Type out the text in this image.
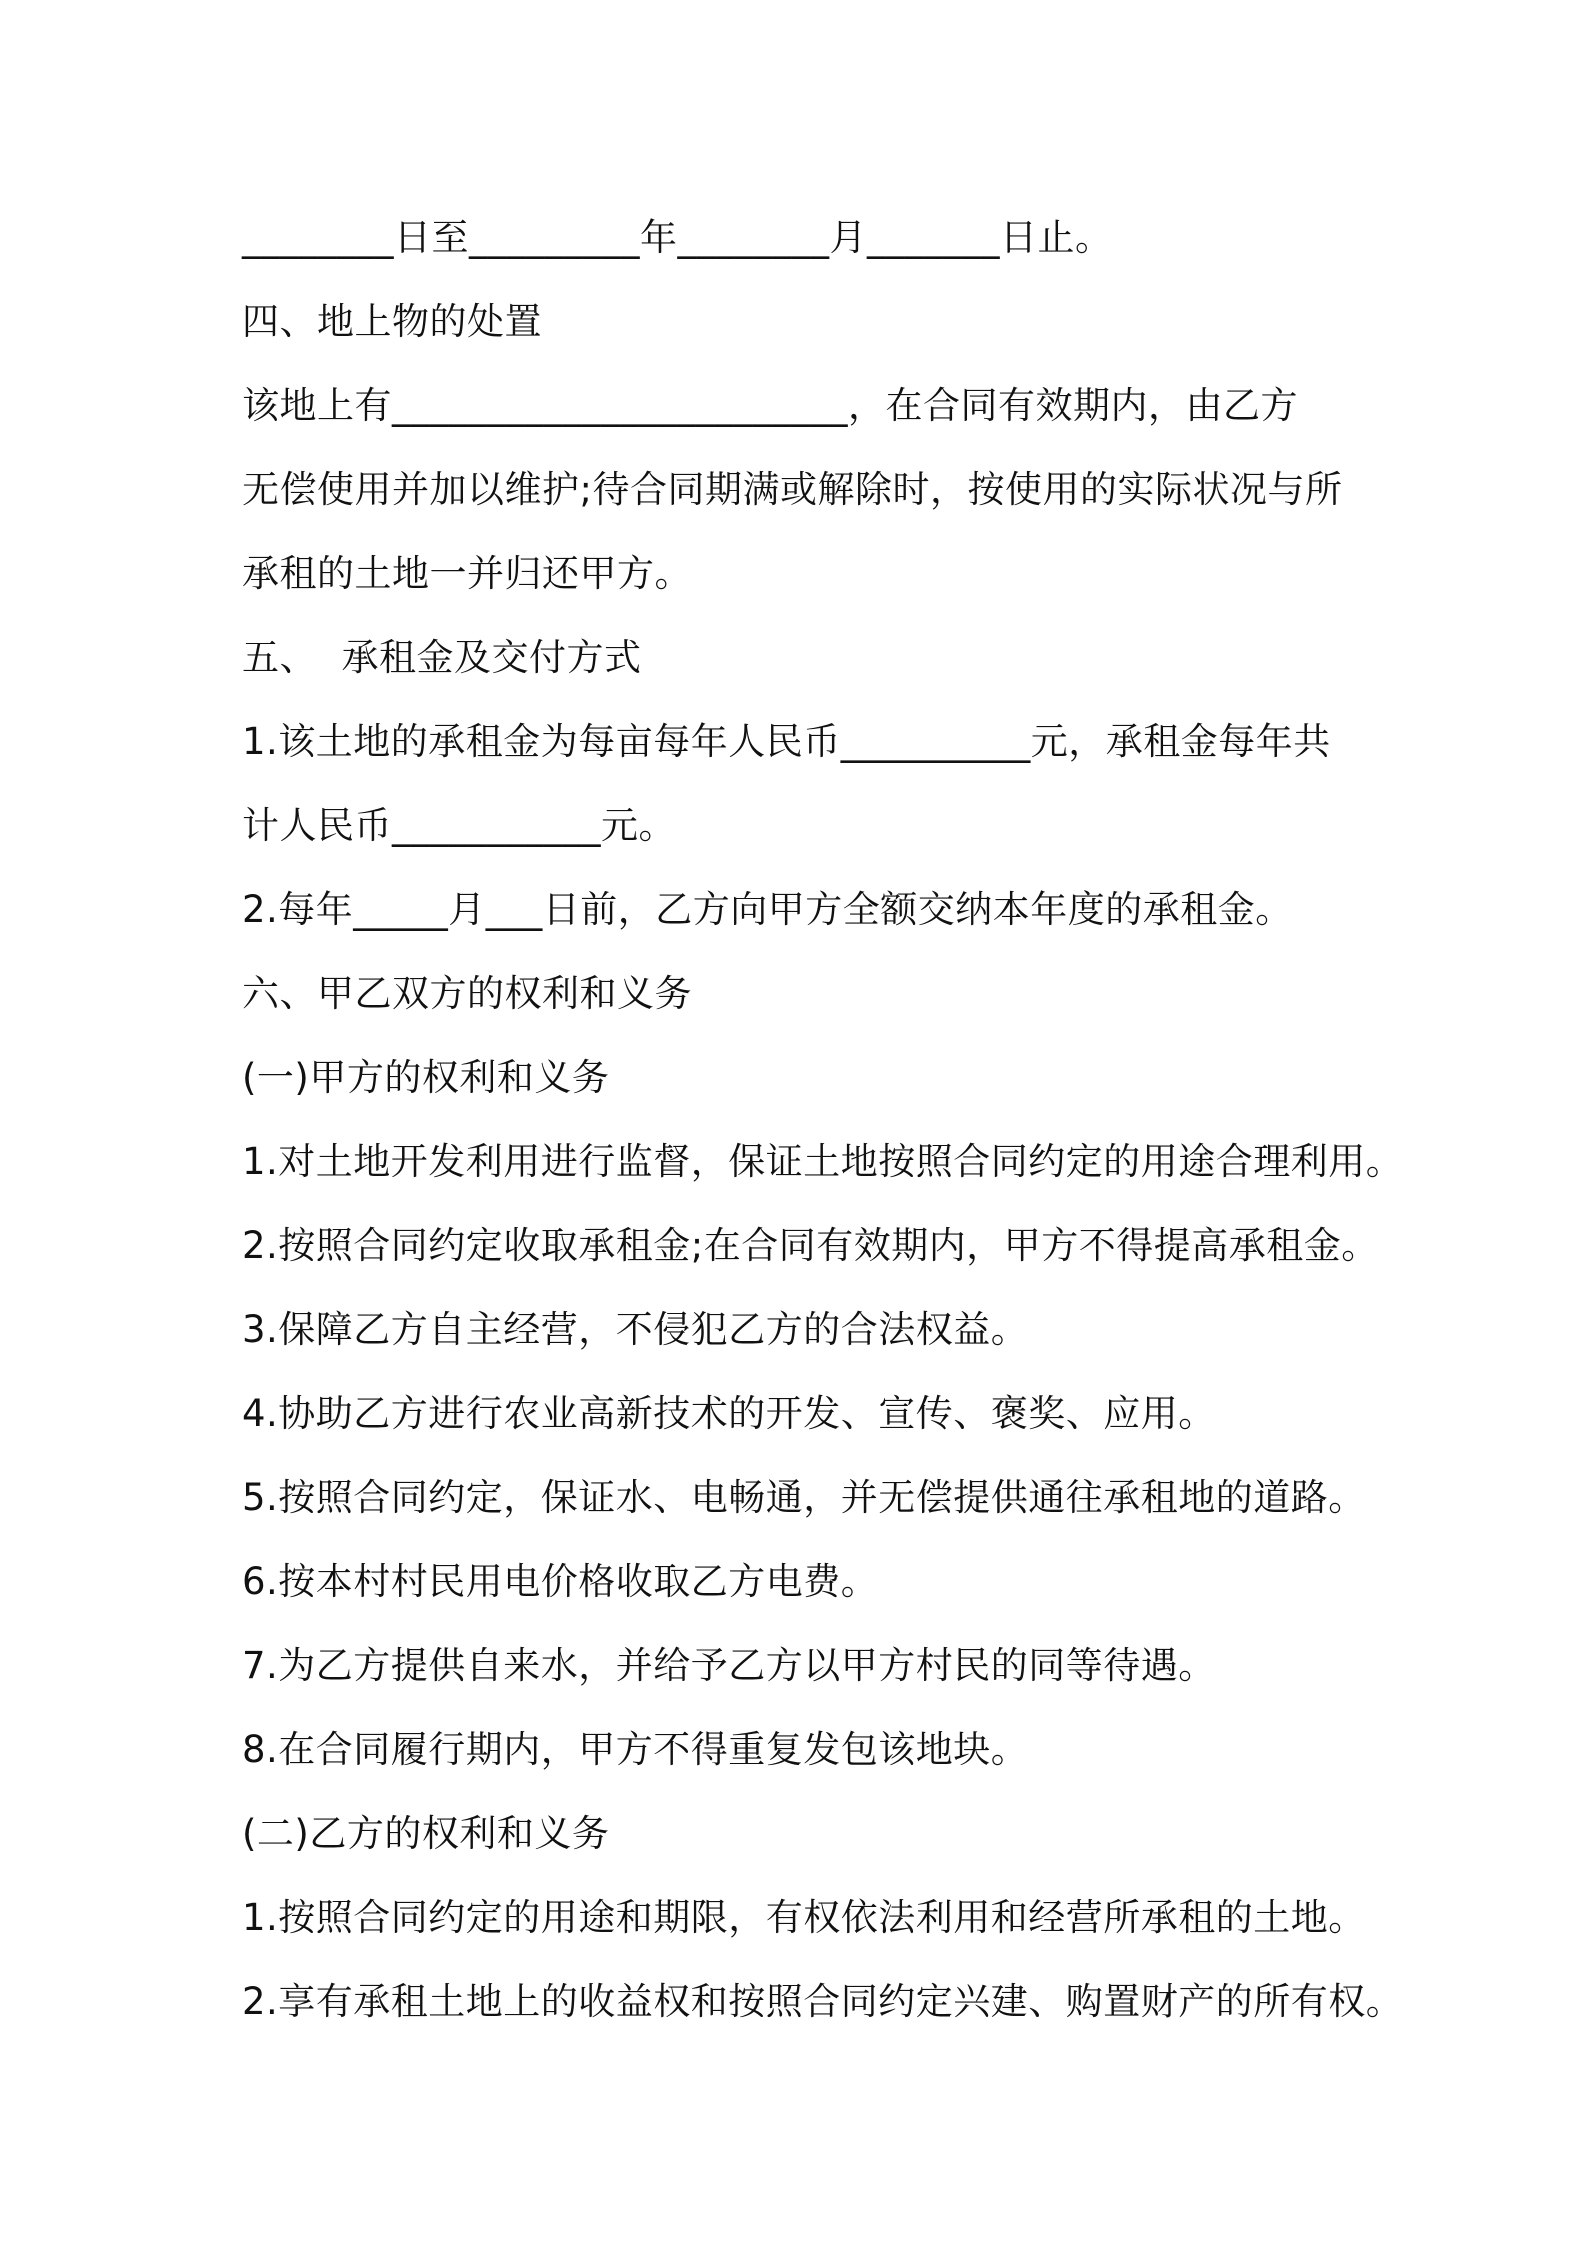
________日至_________年________月_______日止。
四、地上物的处置
该地上有________________________，在合同有效期内，由乙方
无偿使用并加以维护;待合同期满或解除时，按使用的实际状况与所
承租的土地一并归还甲方。
五、  承租金及交付方式
1.该土地的承租金为每亩每年人民币__________元，承租金每年共
计人民币___________元。
2.每年_____月___日前，乙方向甲方全额交纳本年度的承租金。
六、甲乙双方的权利和义务
(一)甲方的权利和义务
1.对土地开发利用进行监督，保证土地按照合同约定的用途合理利用。
2.按照合同约定收取承租金;在合同有效期内，甲方不得提高承租金。
3.保障乙方自主经营，不侵犯乙方的合法权益。
4.协助乙方进行农业高新技术的开发、宣传、褒奖、应用。
5.按照合同约定，保证水、电畅通，并无偿提供通往承租地的道路。
6.按本村村民用电价格收取乙方电费。
7.为乙方提供自来水，并给予乙方以甲方村民的同等待遇。
8.在合同履行期内，甲方不得重复发包该地块。
(二)乙方的权利和义务
1.按照合同约定的用途和期限，有权依法利用和经营所承租的土地。
2.享有承租土地上的收益权和按照合同约定兴建、购置财产的所有权。
